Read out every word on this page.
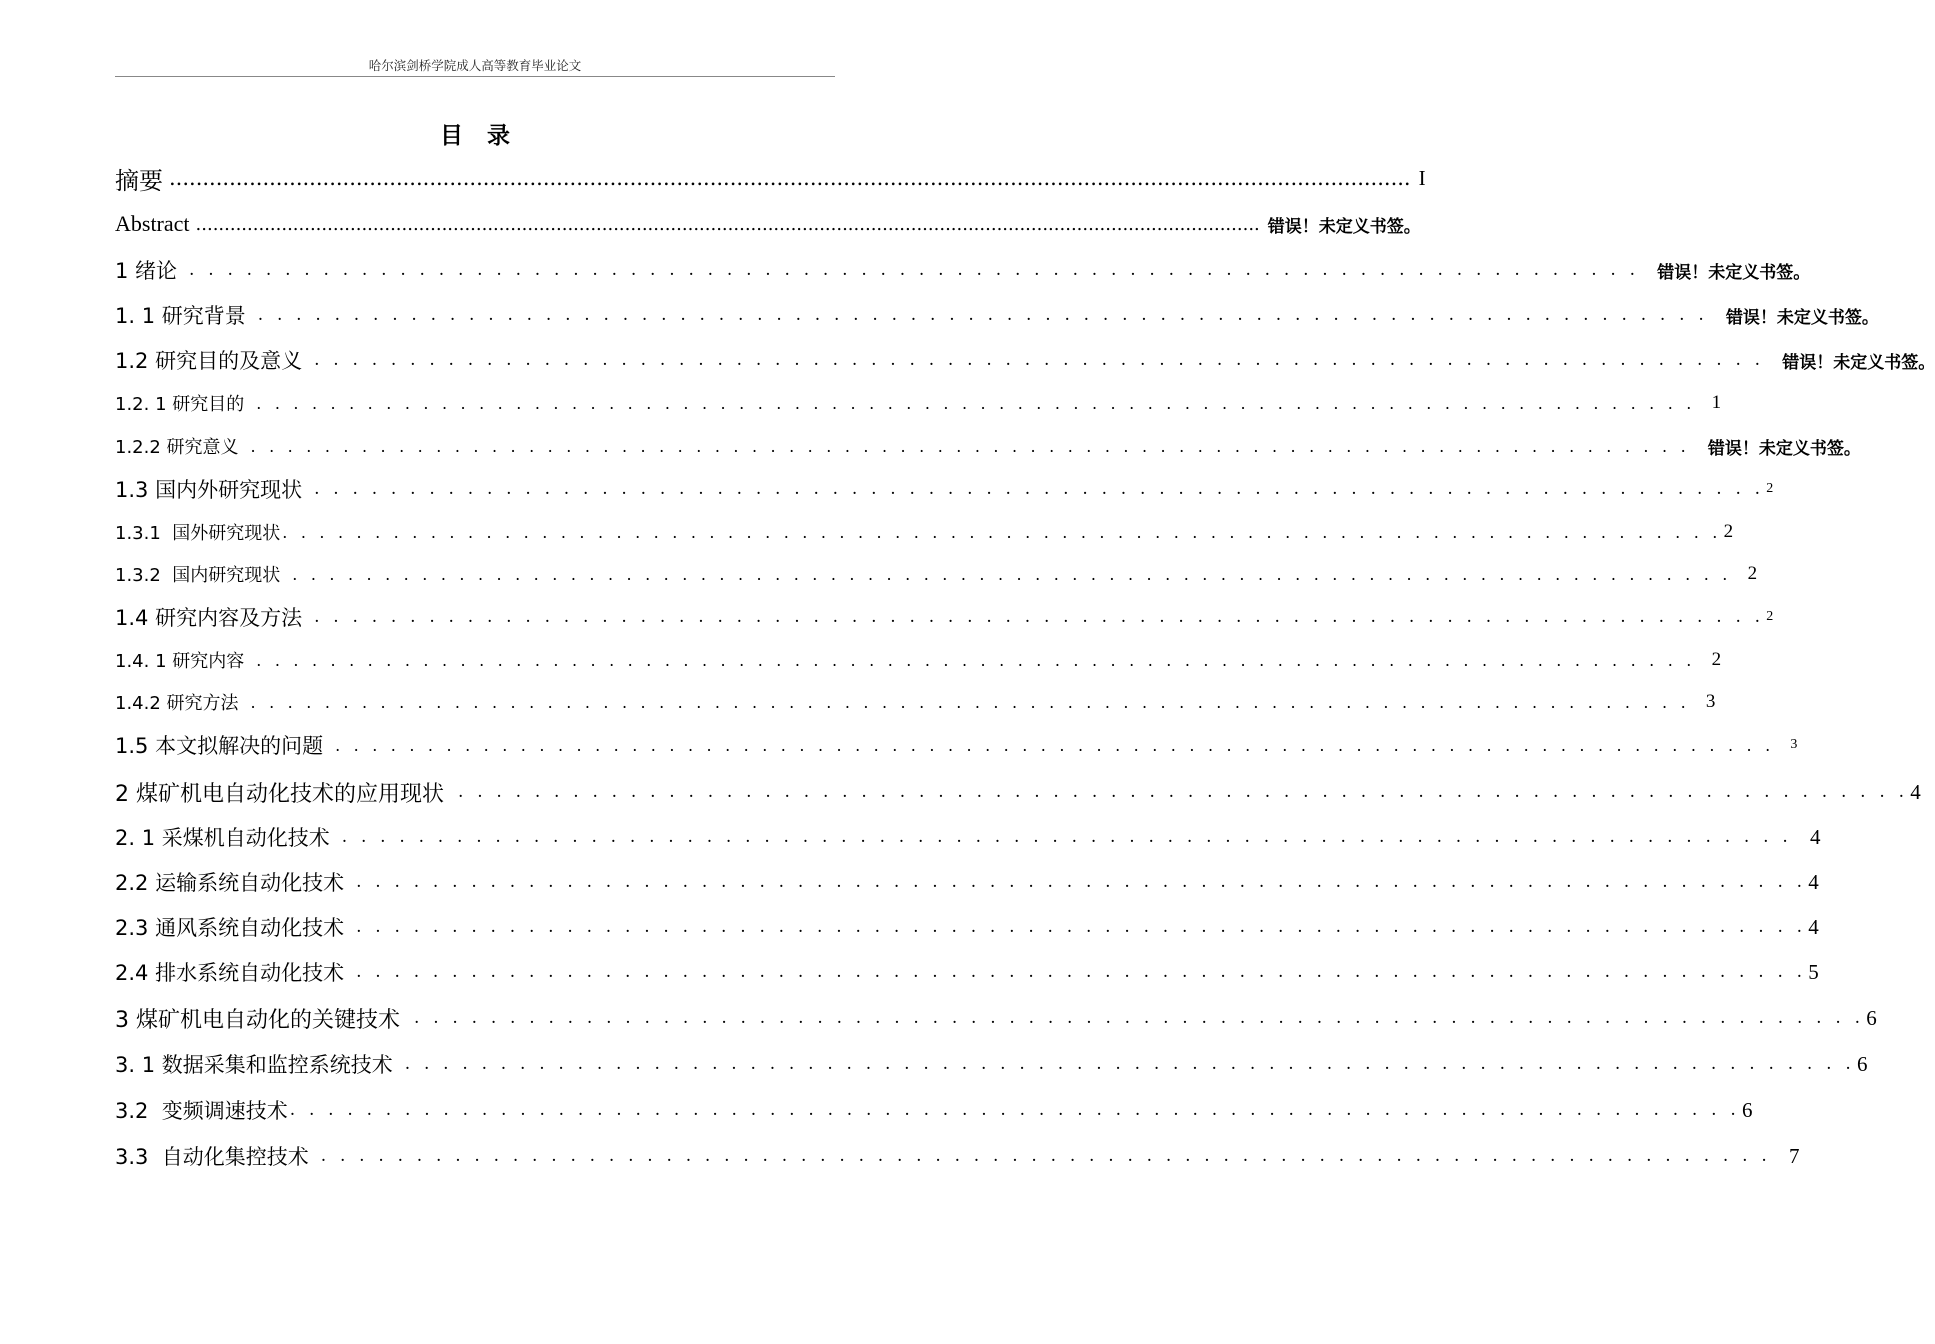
哈尔滨剑桥学院成人高等教育毕业论文
目录
摘要 .......................................................................................................................................................................................... I
Abstract .......................................................................................................................................................................................... 错误！未定义书签。
1 绪论 . . . . . . . . . . . . . . . . . . . . . . . . . . . . . . . . . . . . . . . . . . . . . . . . . . . . . . . . . . . . . . . . . . . . . . . . . . . .	错误！未定义书签。
1. 1 研究背景 . . . . . . . . . . . . . . . . . . . . . . . . . . . . . . . . . . . . . . . . . . . . . . . . . . . . . . . . . . . . . . . . . . . . . . . . . . . .	错误！未定义书签。
1.2 研究目的及意义 . . . . . . . . . . . . . . . . . . . . . . . . . . . . . . . . . . . . . . . . . . . . . . . . . . . . . . . . . . . . . . . . . . . . . . . . . . . .	错误！未定义书签。
1.2. 1 研究目的 . . . . . . . . . . . . . . . . . . . . . . . . . . . . . . . . . . . . . . . . . . . . . . . . . . . . . . . . . . . . . . . . . . . . . . . . . . . . . . 1
1.2.2 研究意义 . . . . . . . . . . . . . . . . . . . . . . . . . . . . . . . . . . . . . . . . . . . . . . . . . . . . . . . . . . . . . . . . . . . . . . . . . . . . . .	错误！未定义书签。
1.3 国内外研究现状 . . . . . . . . . . . . . . . . . . . . . . . . . . . . . . . . . . . . . . . . . . . . . . . . . . . . . . . . . . . . . . . . . . . . . . . . . . . . 2
1.3.1  国外研究现状 . . . . . . . . . . . . . . . . . . . . . . . . . . . . . . . . . . . . . . . . . . . . . . . . . . . . . . . . . . . . . . . . . . . . . . . . . . . . . . 2
1.3.2  国内研究现状 . . . . . . . . . . . . . . . . . . . . . . . . . . . . . . . . . . . . . . . . . . . . . . . . . . . . . . . . . . . . . . . . . . . . . . . . . . . . . . 2
1.4 研究内容及方法 . . . . . . . . . . . . . . . . . . . . . . . . . . . . . . . . . . . . . . . . . . . . . . . . . . . . . . . . . . . . . . . . . . . . . . . . . . . . 2
1.4. 1 研究内容 . . . . . . . . . . . . . . . . . . . . . . . . . . . . . . . . . . . . . . . . . . . . . . . . . . . . . . . . . . . . . . . . . . . . . . . . . . . . . . 2
1.4.2 研究方法 . . . . . . . . . . . . . . . . . . . . . . . . . . . . . . . . . . . . . . . . . . . . . . . . . . . . . . . . . . . . . . . . . . . . . . . . . . . . . . 3
1.5 本文拟解决的问题 . . . . . . . . . . . . . . . . . . . . . . . . . . . . . . . . . . . . . . . . . . . . . . . . . . . . . . . . . . . . . . . . . . . . . . . . . . . . . .	3
2 煤矿机电自动化技术的应用现状 . . . . . . . . . . . . . . . . . . . . . . . . . . . . . . . . . . . . . . . . . . . . . . . . . . . . . . . . . . . . . . . . . . . . . . . . . . . . 4
2. 1 采煤机自动化技术 . . . . . . . . . . . . . . . . . . . . . . . . . . . . . . . . . . . . . . . . . . . . . . . . . . . . . . . . . . . . . . . . . . . . . . . . . . . . 4
2.2 运输系统自动化技术 . . . . . . . . . . . . . . . . . . . . . . . . . . . . . . . . . . . . . . . . . . . . . . . . . . . . . . . . . . . . . . . . . . . . . . . . . . . . 4
2.3 通风系统自动化技术 . . . . . . . . . . . . . . . . . . . . . . . . . . . . . . . . . . . . . . . . . . . . . . . . . . . . . . . . . . . . . . . . . . . . . . . . . . . . 4
2.4 排水系统自动化技术 . . . . . . . . . . . . . . . . . . . . . . . . . . . . . . . . . . . . . . . . . . . . . . . . . . . . . . . . . . . . . . . . . . . . . . . . . . . . 5
3 煤矿机电自动化的关键技术 . . . . . . . . . . . . . . . . . . . . . . . . . . . . . . . . . . . . . . . . . . . . . . . . . . . . . . . . . . . . . . . . . . . . . . . . . . . . 6
3. 1 数据采集和监控系统技术 . . . . . . . . . . . . . . . . . . . . . . . . . . . . . . . . . . . . . . . . . . . . . . . . . . . . . . . . . . . . . . . . . . . . . . . . . . . . 6
3.2  变频调速技术 . . . . . . . . . . . . . . . . . . . . . . . . . . . . . . . . . . . . . . . . . . . . . . . . . . . . . . . . . . . . . . . . . . . . . . . . . . . . 6
3.3  自动化集控技术 . . . . . . . . . . . . . . . . . . . . . . . . . . . . . . . . . . . . . . . . . . . . . . . . . . . . . . . . . . . . . . . . . . . . . . . . . . . . 7
